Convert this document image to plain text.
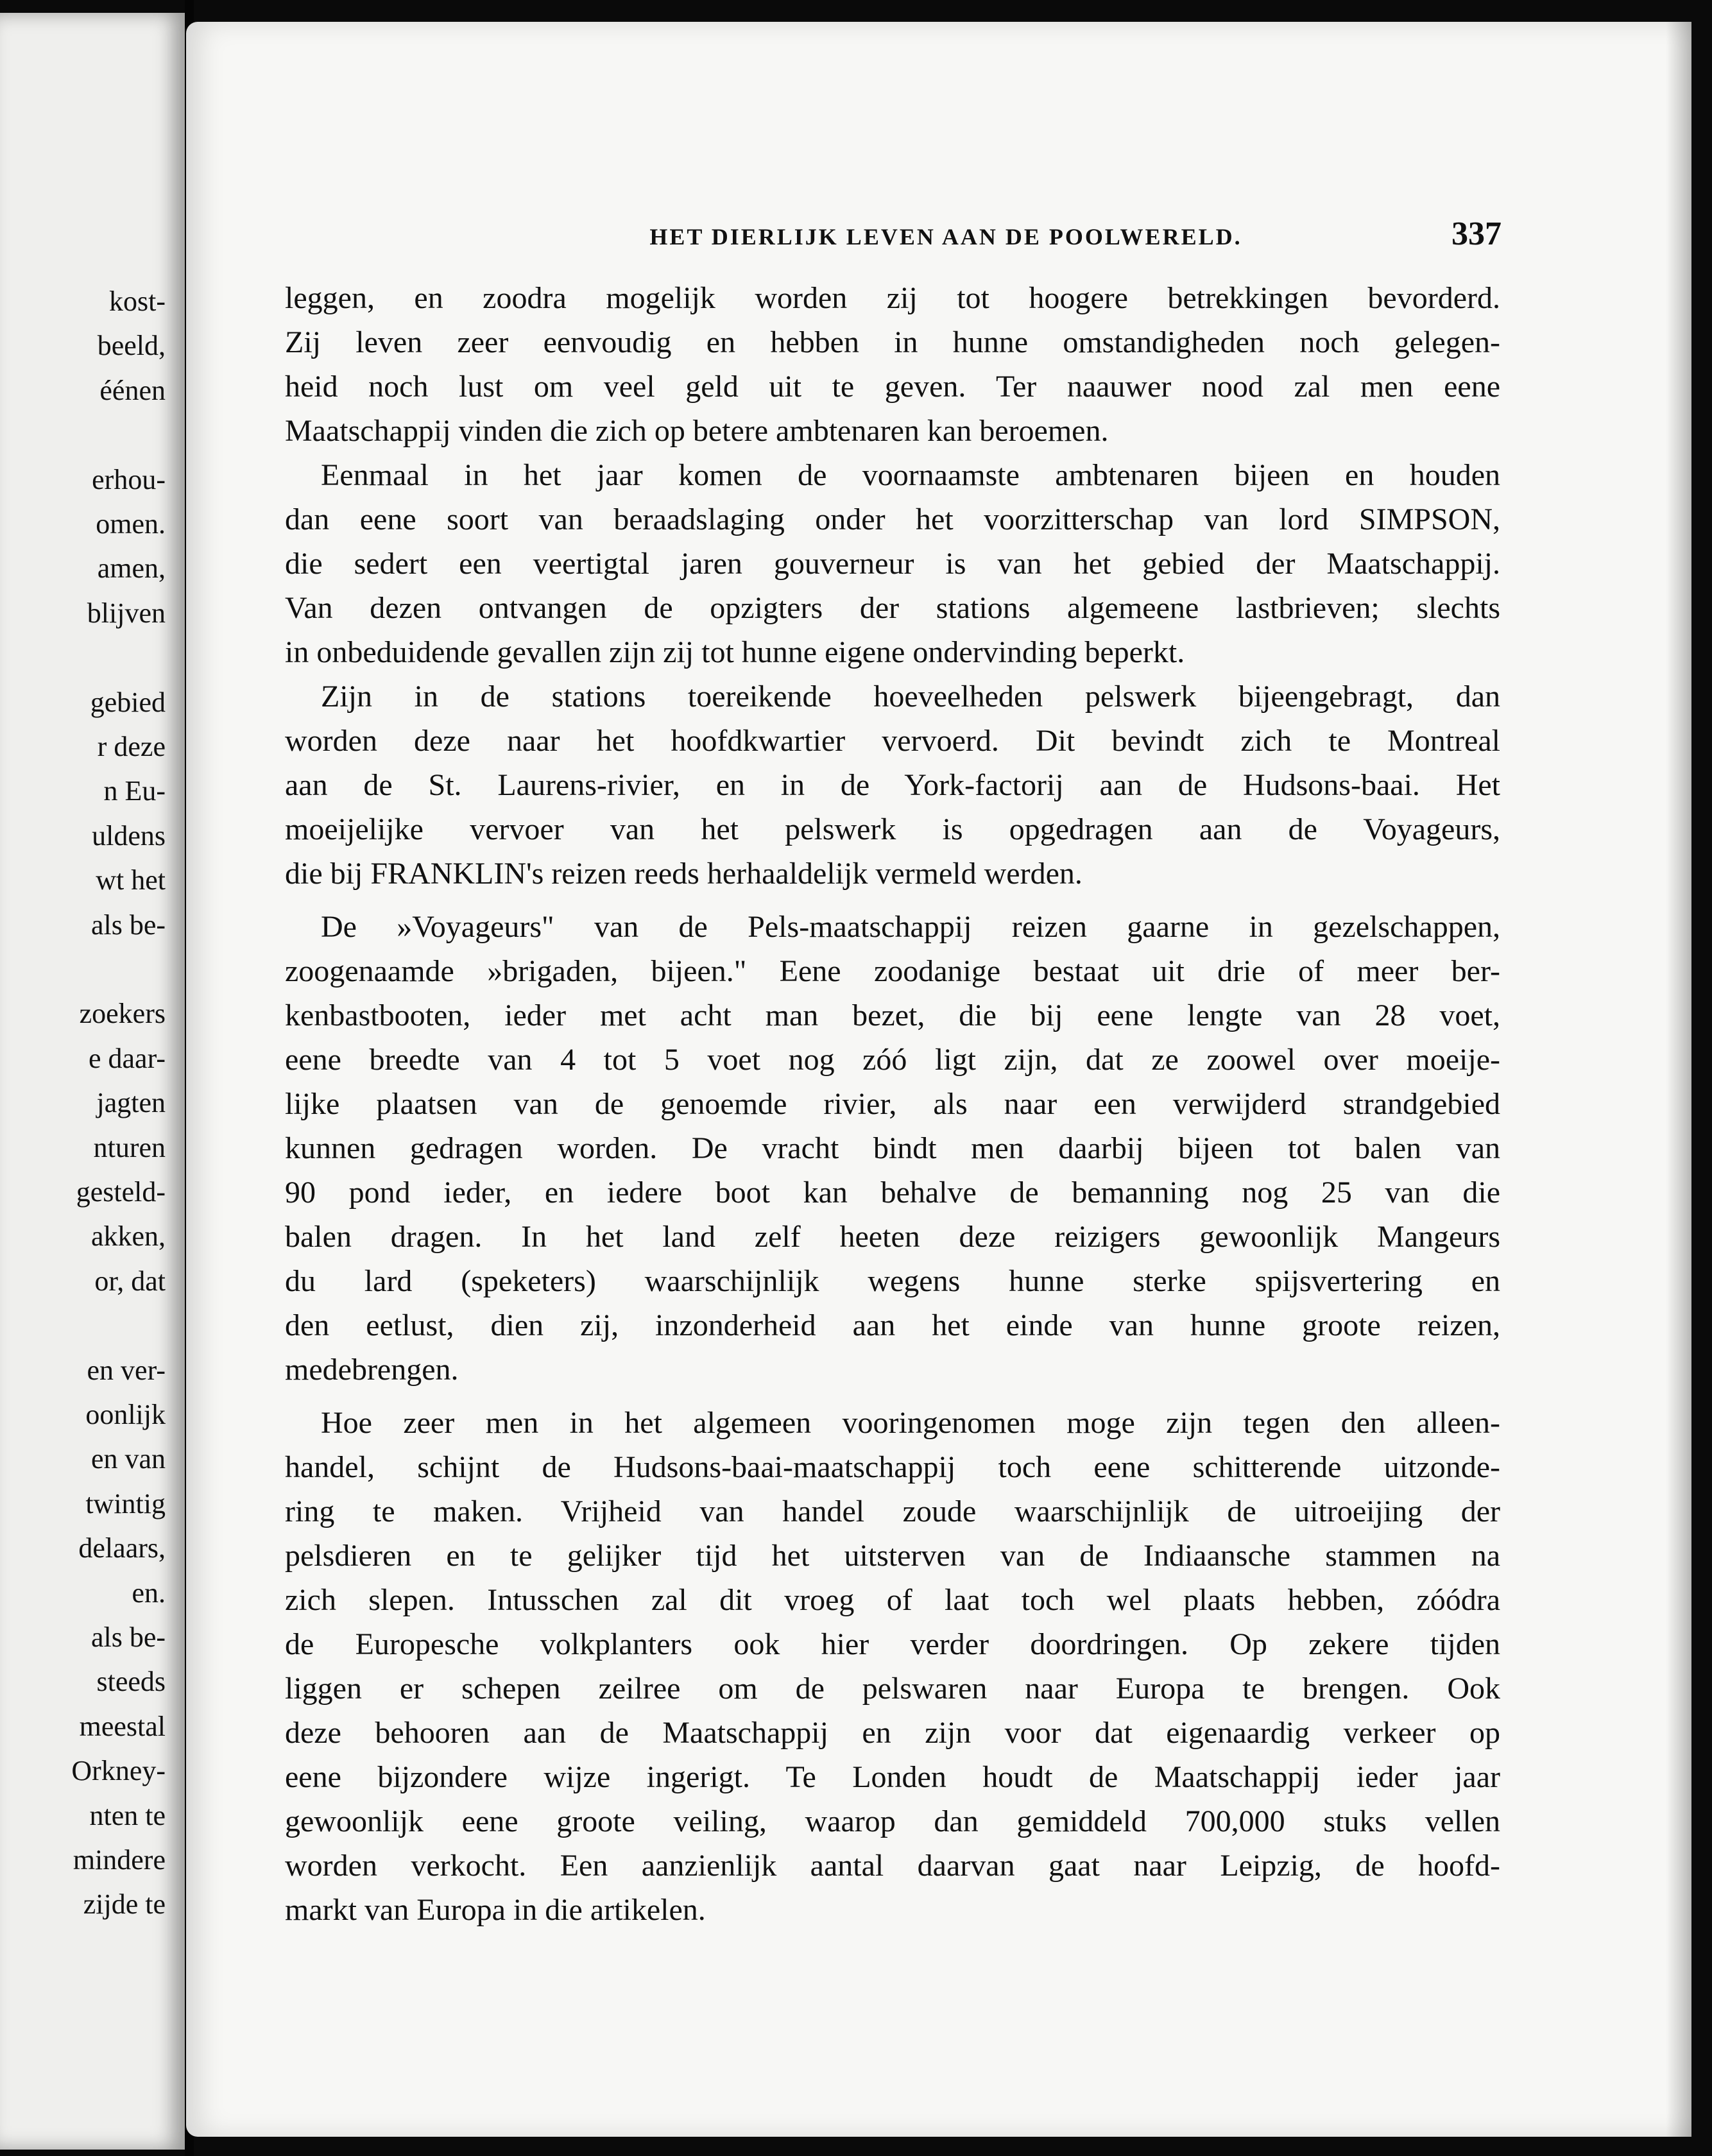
kost-
beeld,
éénen
erhou-
omen.
amen,
blijven
gebied
r deze
n Eu-
uldens
wt het
als be-
zoekers
e daar-
jagten
nturen
gesteld-
akken,
or, dat
en ver-
oonlijk
en van
twintig
delaars,
en.
als be-
steeds
meestal
Orkney-
nten te
mindere
zijde te
HET DIERLIJK LEVEN AAN DE POOLWERELD.	337
leggen, en zoodra mogelijk worden zij tot hoogere betrekkingen bevorderd.
Zij leven zeer eenvoudig en hebben in hunne omstandigheden noch gelegen-
heid noch lust om veel geld uit te geven. Ter naauwer nood zal men eene
Maatschappij vinden die zich op betere ambtenaren kan beroemen.
Eenmaal in het jaar komen de voornaamste ambtenaren bijeen en houden
dan eene soort van beraadslaging onder het voorzitterschap van lord SIMPSON,
die sedert een veertigtal jaren gouverneur is van het gebied der Maatschappij.
Van dezen ontvangen de opzigters der stations algemeene lastbrieven; slechts
in onbeduidende gevallen zijn zij tot hunne eigene ondervinding beperkt.
Zijn in de stations toereikende hoeveelheden pelswerk bijeengebragt, dan
worden deze naar het hoofdkwartier vervoerd. Dit bevindt zich te Montreal
aan de St. Laurens-rivier, en in de York-factorij aan de Hudsons-baai. Het
moeijelijke vervoer van het pelswerk is opgedragen aan de Voyageurs,
die bij FRANKLIN's reizen reeds herhaaldelijk vermeld werden.
De »Voyageurs" van de Pels-maatschappij reizen gaarne in gezelschappen,
zoogenaamde »brigaden, bijeen." Eene zoodanige bestaat uit drie of meer ber-
kenbastbooten, ieder met acht man bezet, die bij eene lengte van 28 voet,
eene breedte van 4 tot 5 voet nog zóó ligt zijn, dat ze zoowel over moeije-
lijke plaatsen van de genoemde rivier, als naar een verwijderd strandgebied
kunnen gedragen worden. De vracht bindt men daarbij bijeen tot balen van
90 pond ieder, en iedere boot kan behalve de bemanning nog 25 van die
balen dragen. In het land zelf heeten deze reizigers gewoonlijk Mangeurs
du lard (speketers) waarschijnlijk wegens hunne sterke spijsvertering en
den eetlust, dien zij, inzonderheid aan het einde van hunne groote reizen,
medebrengen.
Hoe zeer men in het algemeen vooringenomen moge zijn tegen den alleen-
handel, schijnt de Hudsons-baai-maatschappij toch eene schitterende uitzonde-
ring te maken. Vrijheid van handel zoude waarschijnlijk de uitroeijing der
pelsdieren en te gelijker tijd het uitsterven van de Indiaansche stammen na
zich slepen. Intusschen zal dit vroeg of laat toch wel plaats hebben, zóódra
de Europesche volkplanters ook hier verder doordringen. Op zekere tijden
liggen er schepen zeilree om de pelswaren naar Europa te brengen. Ook
deze behooren aan de Maatschappij en zijn voor dat eigenaardig verkeer op
eene bijzondere wijze ingerigt. Te Londen houdt de Maatschappij ieder jaar
gewoonlijk eene groote veiling, waarop dan gemiddeld 700,000 stuks vellen
worden verkocht. Een aanzienlijk aantal daarvan gaat naar Leipzig, de hoofd-
markt van Europa in die artikelen.
